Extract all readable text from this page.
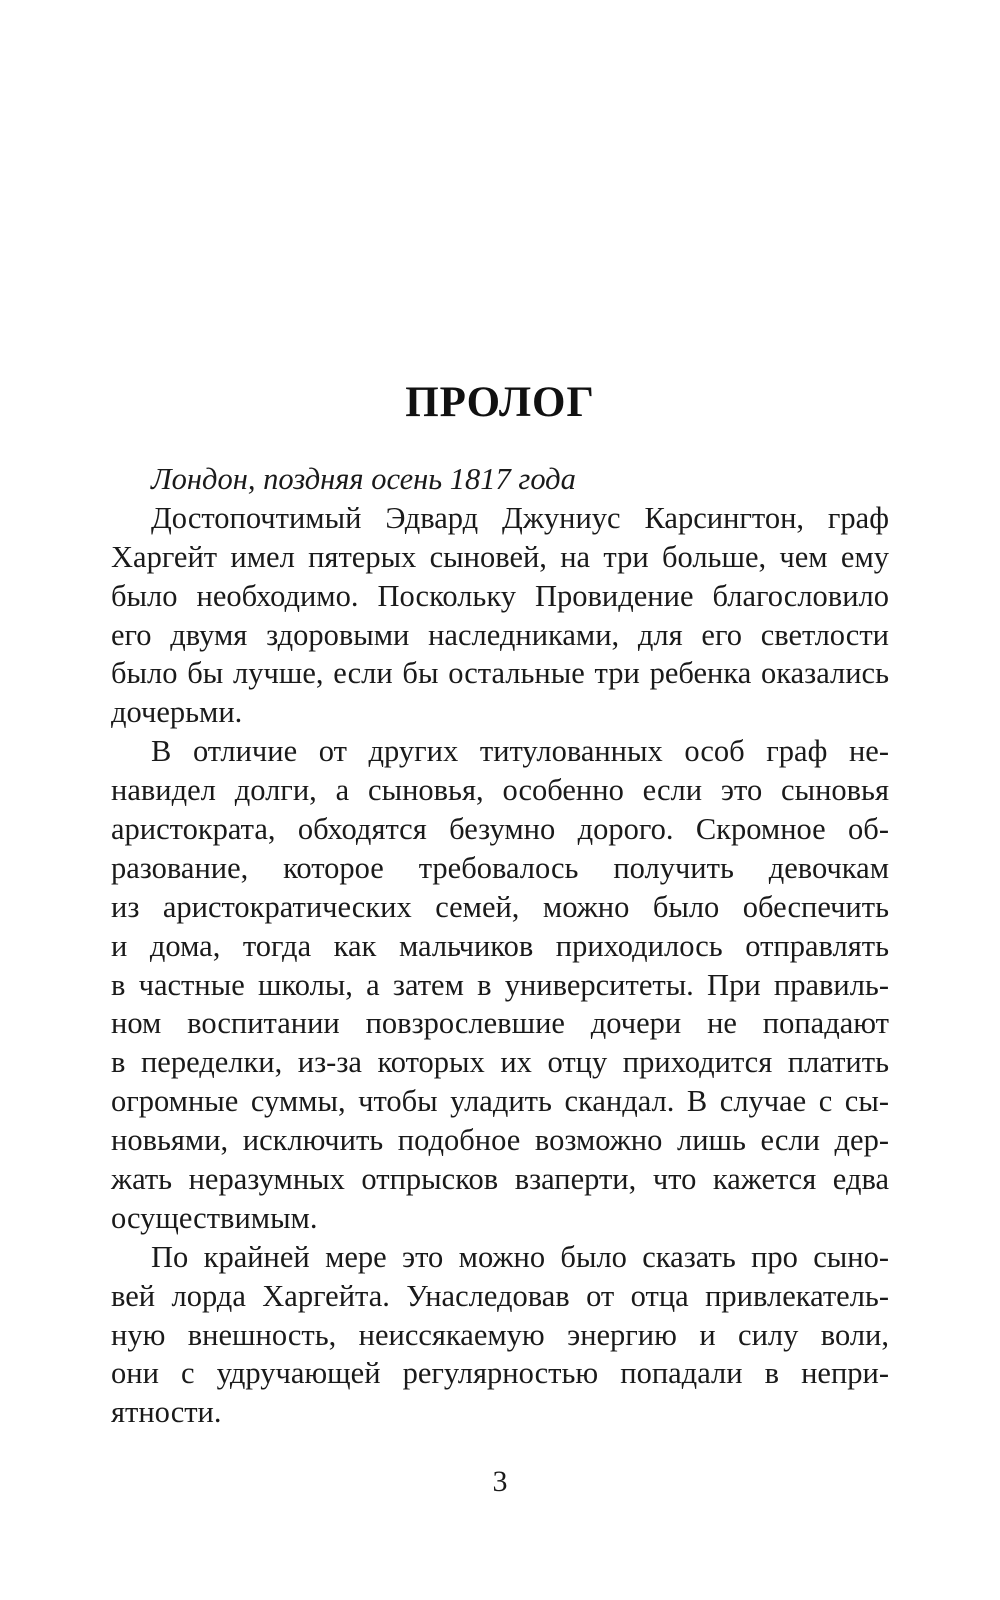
ПРОЛОГ
Лондон, поздняя осень 1817 года
Достопочтимый Эдвард Джуниус Карсингтон, граф
Харгейт имел пятерых сыновей, на три больше, чем ему
было необходимо. Поскольку Провидение благословило
его двумя здоровыми наследниками, для его светлости
было бы лучше, если бы остальные три ребенка оказались
дочерьми.
В отличие от других титулованных особ граф не-
навидел долги, а сыновья, особенно если это сыновья
аристократа, обходятся безумно дорого. Скромное об-
разование, которое требовалось получить девочкам
из аристократических семей, можно было обеспечить
и дома, тогда как мальчиков приходилось отправлять
в частные школы, а затем в университеты. При правиль-
ном воспитании повзрослевшие дочери не попадают
в переделки, из-за которых их отцу приходится платить
огромные суммы, чтобы уладить скандал. В случае с сы-
новьями, исключить подобное возможно лишь если дер-
жать неразумных отпрысков взаперти, что кажется едва
осуществимым.
По крайней мере это можно было сказать про сыно-
вей лорда Харгейта. Унаследовав от отца привлекатель-
ную внешность, неиссякаемую энергию и силу воли,
они с удручающей регулярностью попадали в непри-
ятности.
3
